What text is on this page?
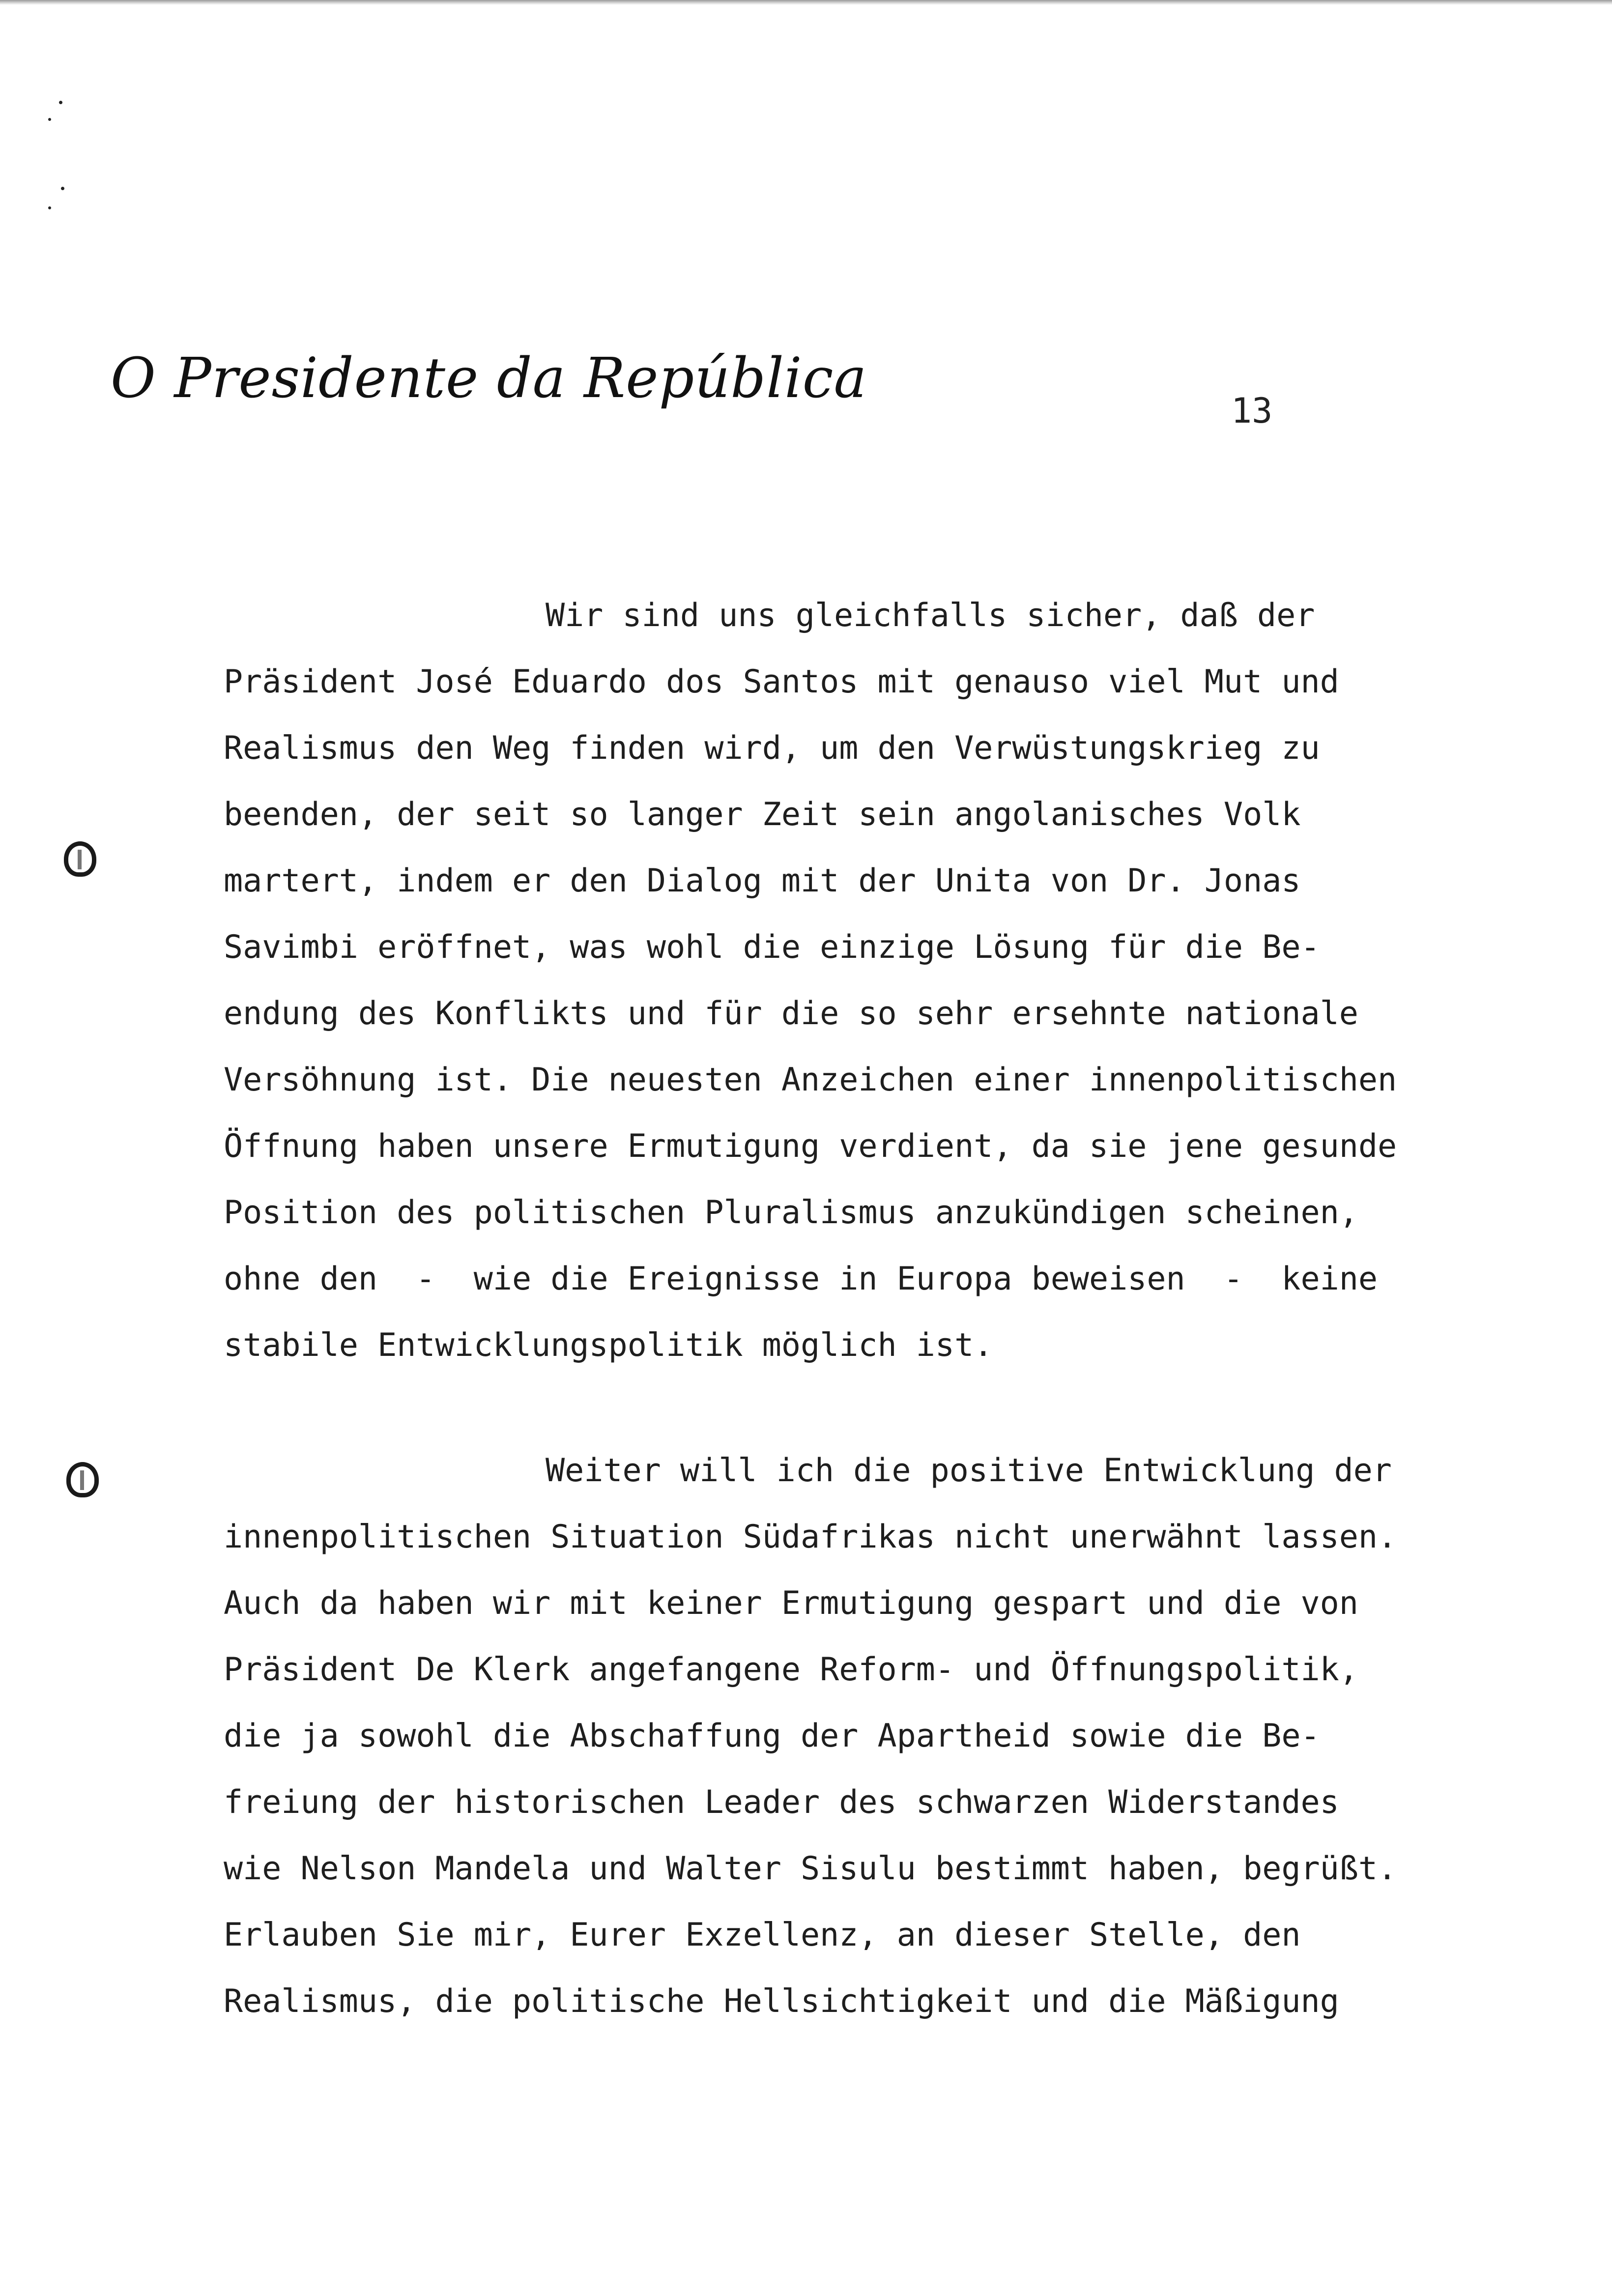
O Presidente da República
13
Wir sind uns gleichfalls sicher, daß der
Präsident José Eduardo dos Santos mit genauso viel Mut und
Realismus den Weg finden wird, um den Verwüstungskrieg zu
beenden, der seit so langer Zeit sein angolanisches Volk
martert, indem er den Dialog mit der Unita von Dr. Jonas
Savimbi eröffnet, was wohl die einzige Lösung für die Be-
endung des Konflikts und für die so sehr ersehnte nationale
Versöhnung ist. Die neuesten Anzeichen einer innenpolitischen
Öffnung haben unsere Ermutigung verdient, da sie jene gesunde
Position des politischen Pluralismus anzukündigen scheinen,
ohne den  -  wie die Ereignisse in Europa beweisen  -  keine
stabile Entwicklungspolitik möglich ist.
Weiter will ich die positive Entwicklung der
innenpolitischen Situation Südafrikas nicht unerwähnt lassen.
Auch da haben wir mit keiner Ermutigung gespart und die von
Präsident De Klerk angefangene Reform- und Öffnungspolitik,
die ja sowohl die Abschaffung der Apartheid sowie die Be-
freiung der historischen Leader des schwarzen Widerstandes
wie Nelson Mandela und Walter Sisulu bestimmt haben, begrüßt.
Erlauben Sie mir, Eurer Exzellenz, an dieser Stelle, den
Realismus, die politische Hellsichtigkeit und die Mäßigung
